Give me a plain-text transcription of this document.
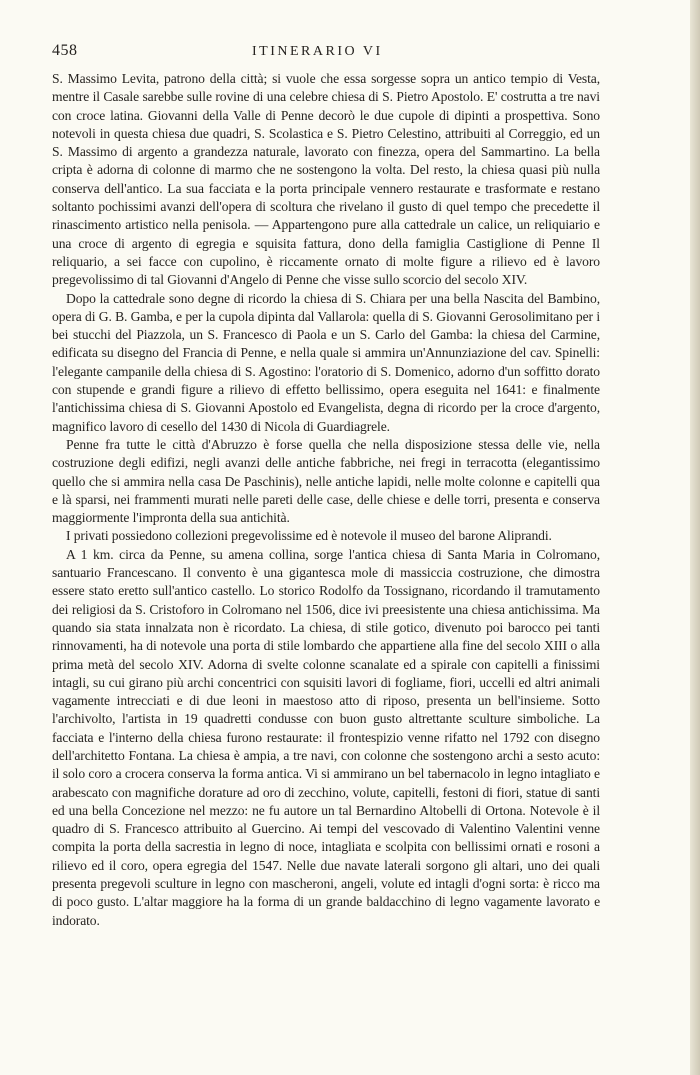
458	ITINERARIO VI

S. Massimo Levita, patrono della città; si vuole che essa sorgesse sopra un antico tempio di Vesta, mentre il Casale sarebbe sulle rovine di una celebre chiesa di S. Pietro Apostolo. E' costrutta a tre navi con croce latina. Giovanni della Valle di Penne decorò le due cupole di dipinti a prospettiva. Sono notevoli in questa chiesa due quadri, S. Scolastica e S. Pietro Celestino, attribuiti al Correggio, ed un S. Massimo di argento a grandezza naturale, lavorato con finezza, opera del Sammartino. La bella cripta è adorna di colonne di marmo che ne sostengono la volta. Del resto, la chiesa quasi più nulla conserva dell'antico. La sua facciata e la porta principale vennero restaurate e trasformate e restano soltanto pochissimi avanzi dell'opera di scoltura che rivelano il gusto di quel tempo che precedette il rinascimento artistico nella penisola. — Appartengono pure alla cattedrale un calice, un reliquiario e una croce di argento di egregia e squisita fattura, dono della famiglia Castiglione di Penne Il reliquario, a sei facce con cupolino, è riccamente ornato di molte figure a rilievo ed è lavoro pregevolissimo di tal Giovanni d'Angelo di Penne che visse sullo scorcio del secolo XIV.

Dopo la cattedrale sono degne di ricordo la chiesa di S. Chiara per una bella Nascita del Bambino, opera di G. B. Gamba, e per la cupola dipinta dal Vallarola: quella di S. Giovanni Gerosolimitano per i bei stucchi del Piazzola, un S. Francesco di Paola e un S. Carlo del Gamba: la chiesa del Carmine, edificata su disegno del Francia di Penne, e nella quale si ammira un'Annunziazione del cav. Spinelli: l'elegante campanile della chiesa di S. Agostino: l'oratorio di S. Domenico, adorno d'un soffitto dorato con stupende e grandi figure a rilievo di effetto bellissimo, opera eseguita nel 1641: e finalmente l'antichissima chiesa di S. Giovanni Apostolo ed Evangelista, degna di ricordo per la croce d'argento, magnifico lavoro di cesello del 1430 di Nicola di Guardiagrele.

Penne fra tutte le città d'Abruzzo è forse quella che nella disposizione stessa delle vie, nella costruzione degli edifizi, negli avanzi delle antiche fabbriche, nei fregi in terracotta (elegantissimo quello che si ammira nella casa De Paschinis), nelle antiche lapidi, nelle molte colonne e capitelli qua e là sparsi, nei frammenti murati nelle pareti delle case, delle chiese e delle torri, presenta e conserva maggiormente l'impronta della sua antichità.

I privati possiedono collezioni pregevolissime ed è notevole il museo del barone Aliprandi.

A 1 km. circa da Penne, su amena collina, sorge l'antica chiesa di Santa Maria in Colromano, santuario Francescano. Il convento è una gigantesca mole di massiccia costruzione, che dimostra essere stato eretto sull'antico castello. Lo storico Rodolfo da Tossignano, ricordando il tramutamento dei religiosi da S. Cristoforo in Colromano nel 1506, dice ivi preesistente una chiesa antichissima. Ma quando sia stata innalzata non è ricordato. La chiesa, di stile gotico, divenuto poi barocco pei tanti rinnovamenti, ha di notevole una porta di stile lombardo che appartiene alla fine del secolo XIII o alla prima metà del secolo XIV. Adorna di svelte colonne scanalate ed a spirale con capitelli a finissimi intagli, su cui girano più archi concentrici con squisiti lavori di fogliame, fiori, uccelli ed altri animali vagamente intrecciati e di due leoni in maestoso atto di riposo, presenta un bell'insieme. Sotto l'archivolto, l'artista in 19 quadretti condusse con buon gusto altrettante sculture simboliche. La facciata e l'interno della chiesa furono restaurate: il frontespizio venne rifatto nel 1792 con disegno dell'architetto Fontana. La chiesa è ampia, a tre navi, con colonne che sostengono archi a sesto acuto: il solo coro a crocera conserva la forma antica. Vi si ammirano un bel tabernacolo in legno intagliato e arabescato con magnifiche dorature ad oro di zecchino, volute, capitelli, festoni di fiori, statue di santi ed una bella Concezione nel mezzo: ne fu autore un tal Bernardino Altobelli di Ortona. Notevole è il quadro di S. Francesco attribuito al Guercino. Ai tempi del vescovado di Valentino Valentini venne compita la porta della sacrestia in legno di noce, intagliata e scolpita con bellissimi ornati e rosoni a rilievo ed il coro, opera egregia del 1547. Nelle due navate laterali sorgono gli altari, uno dei quali presenta pregevoli sculture in legno con mascheroni, angeli, volute ed intagli d'ogni sorta: è ricco ma di poco gusto. L'altar maggiore ha la forma di un grande baldacchino di legno vagamente lavorato e indorato.
